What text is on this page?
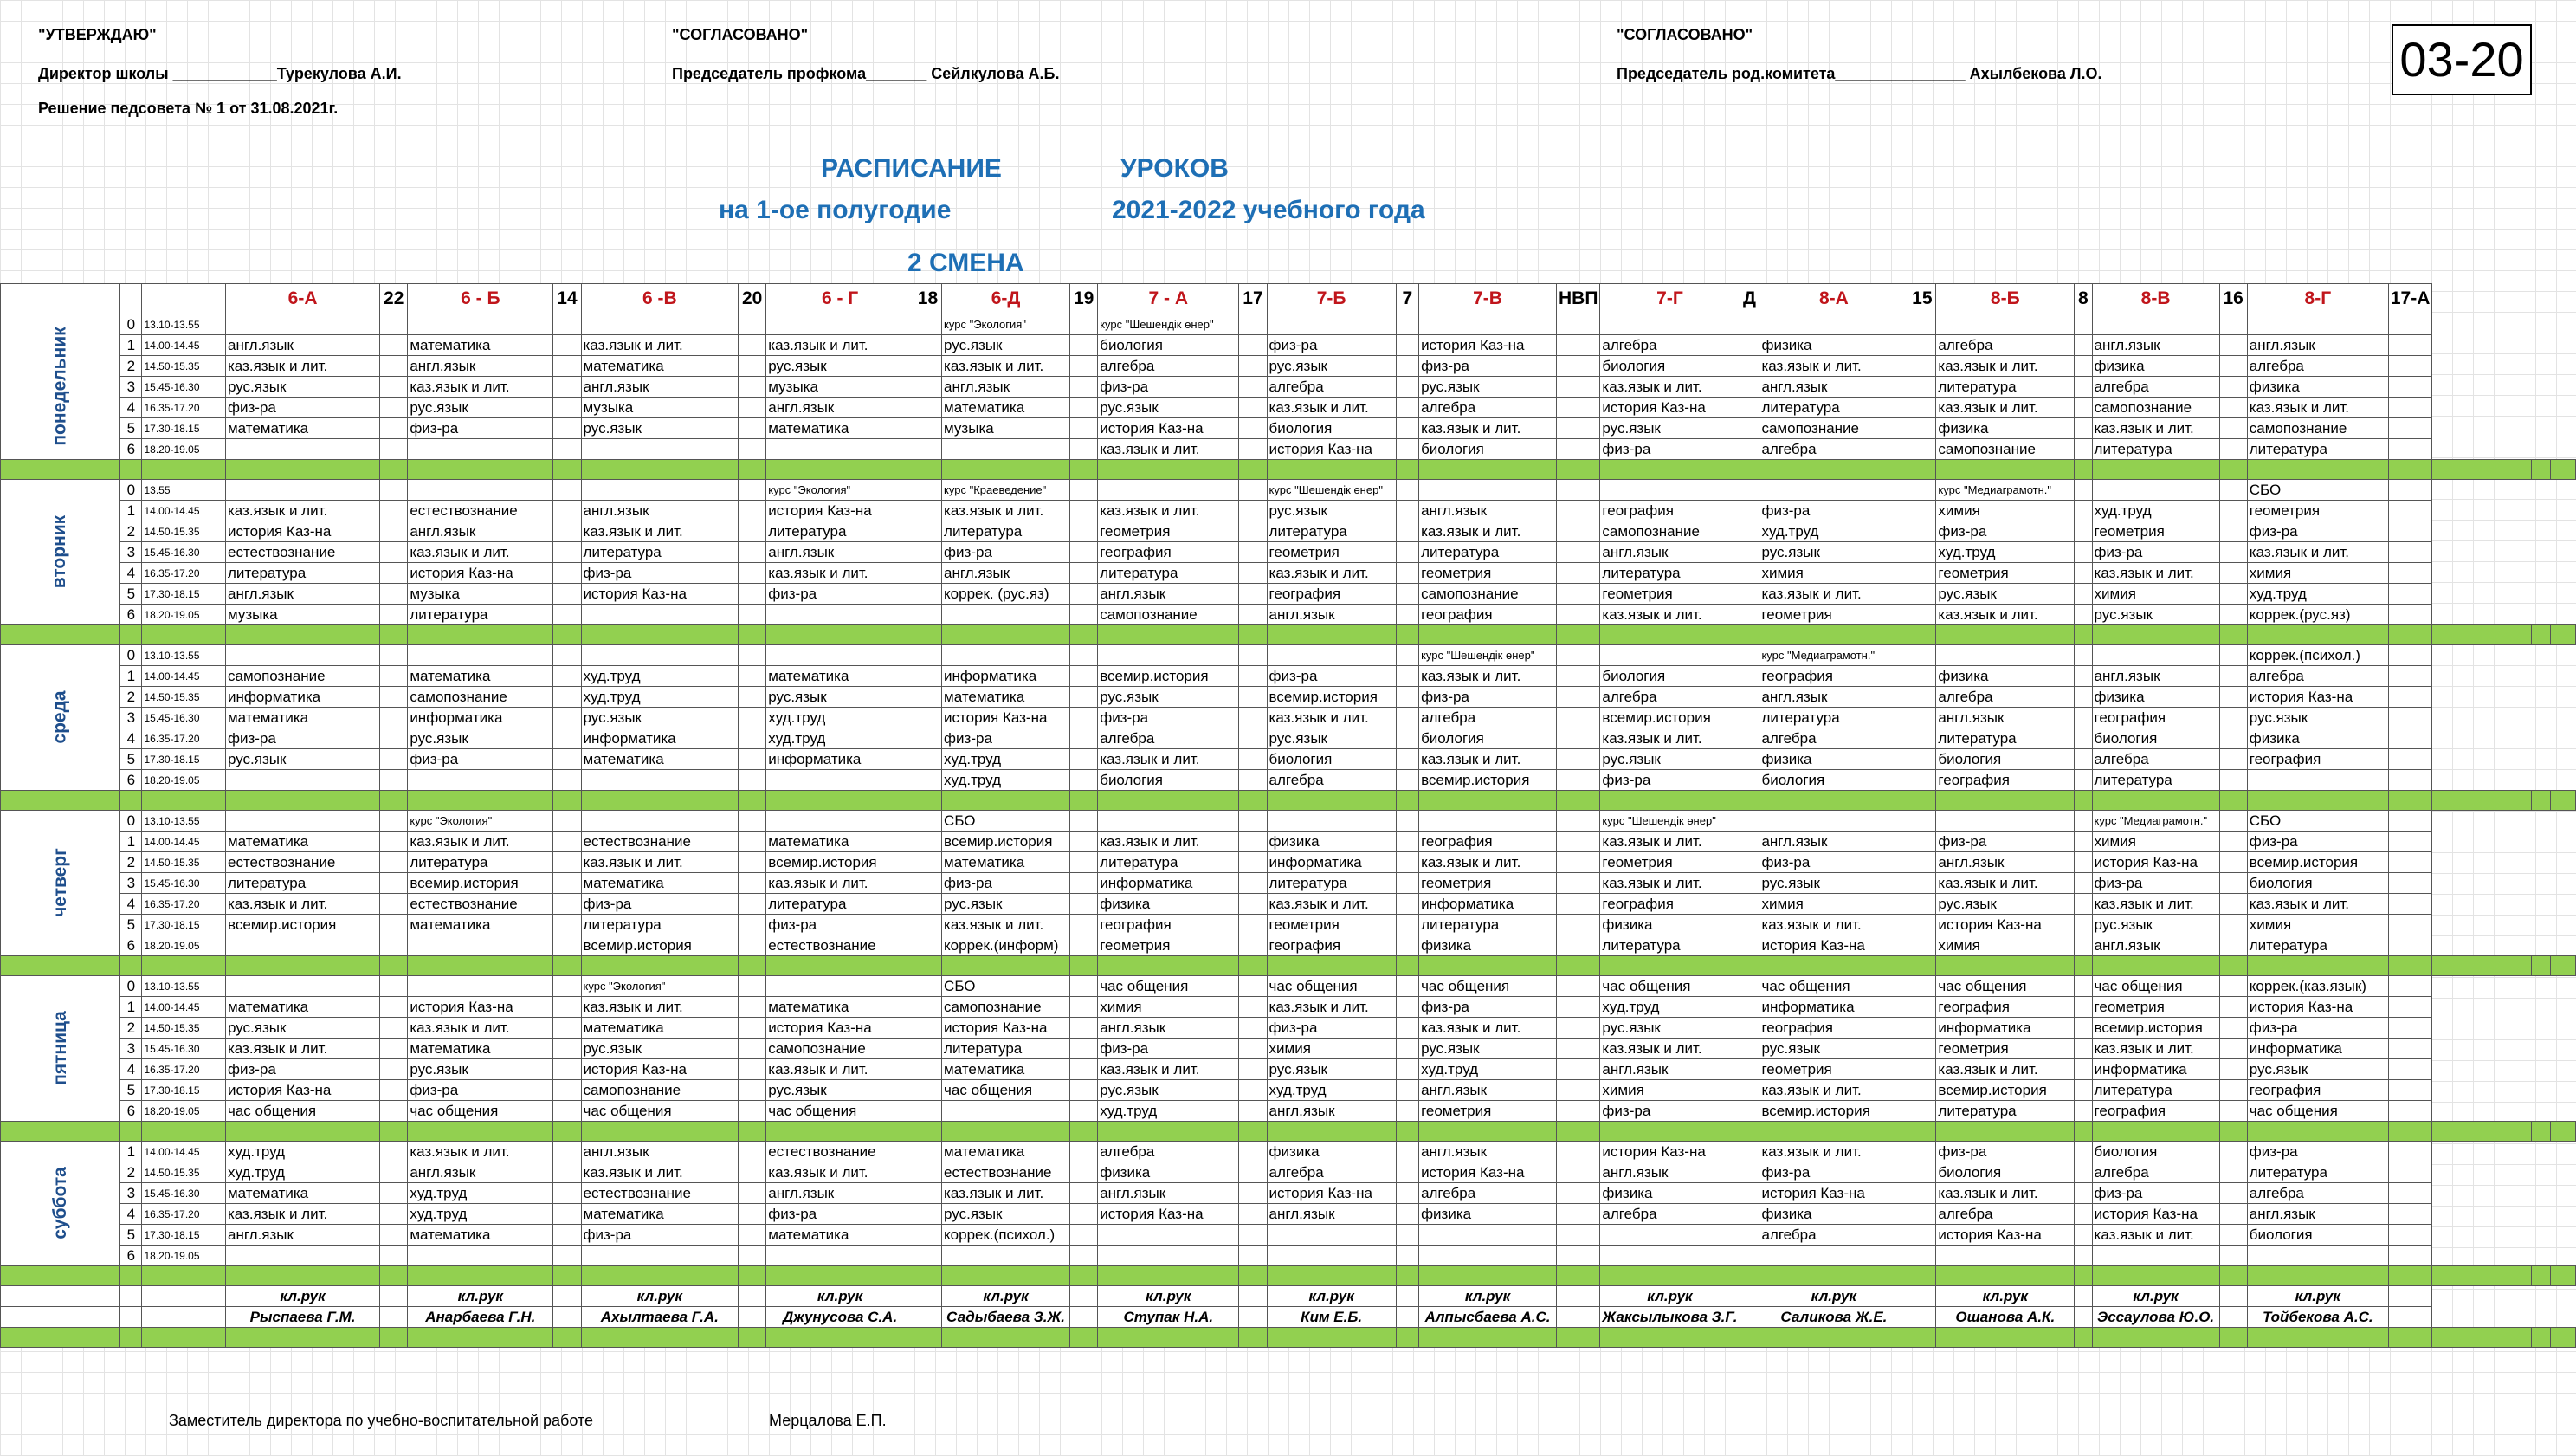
"УТВЕРЖДАЮ"
Директор школы ____________Турекулова А.И.
Решение педсовета № 1 от 31.08.2021г.
"СОГЛАСОВАНО"
Председатель профкома_______ Сейлкулова А.Б.
"СОГЛАСОВАНО"
Председатель род.комитета_______________ Ахылбекова Л.О.	03-20
РАСПИСАНИЕ	УРОКОВ
на 1-ое полугодие	2021-2022 учебного года
2 СМЕНА
			6-А	22	6 - Б	14	6 -В	20	6 - Г	18	6-Д	19	7 - А	17	7-Б	7	7-В	НВП	7-Г	Д	8-А	15	8-Б	8	8-В	16	8-Г	17-А			
понедельник	0	13.10-13.55									курс "Экология"		курс "Шешендік өнер"																		
	1	14.00-14.45	англ.язык		математика		каз.язык и лит.		каз.язык и лит.		рус.язык		биология		физ-ра		история Каз-на		алгебра		физика		алгебра		англ.язык		англ.язык				
	2	14.50-15.35	каз.язык и лит.		англ.язык		математика		рус.язык		каз.язык и лит.		алгебра		рус.язык		физ-ра		биология		каз.язык и лит.		каз.язык и лит.		физика		алгебра				
	3	15.45-16.30	рус.язык		каз.язык и лит.		англ.язык		музыка		англ.язык		физ-ра		алгебра		рус.язык		каз.язык и лит.		англ.язык		литература		алгебра		физика				
	4	16.35-17.20	физ-ра		рус.язык		музыка		англ.язык		математика		рус.язык		каз.язык и лит.		алгебра		история Каз-на		литература		каз.язык и лит.		самопознание		каз.язык и лит.				
	5	17.30-18.15	математика		физ-ра		рус.язык		математика		музыка		история Каз-на		биология		каз.язык и лит.		рус.язык		самопознание		физика		каз.язык и лит.		самопознание				
	6	18.20-19.05											каз.язык и лит.		история Каз-на		биология		физ-ра		алгебра		самопознание		литература		литература				

вторник	0	13.55							курс "Экология"		курс "Краеведение"				курс "Шешендік өнер"								курс "Медиаграмотн."				СБО				
	1	14.00-14.45	каз.язык и лит.		естествознание		англ.язык		история Каз-на		каз.язык и лит.		каз.язык и лит.		рус.язык		англ.язык		география		физ-ра		химия		худ.труд		геометрия				
	2	14.50-15.35	история Каз-на		англ.язык		каз.язык и лит.		литература		литература		геометрия		литература		каз.язык и лит.		самопознание		худ.труд		физ-ра		геометрия		физ-ра				
	3	15.45-16.30	естествознание		каз.язык и лит.		литература		англ.язык		физ-ра		география		геометрия		литература		англ.язык		рус.язык		худ.труд		физ-ра		каз.язык и лит.				
	4	16.35-17.20	литература		история Каз-на		физ-ра		каз.язык и лит.		англ.язык		литература		каз.язык и лит.		геометрия		литература		химия		геометрия		каз.язык и лит.		химия				
	5	17.30-18.15	англ.язык		музыка		история Каз-на		физ-ра		коррек. (рус.яз)		англ.язык		география		самопознание		геометрия		каз.язык и лит.		рус.язык		химия		худ.труд				
	6	18.20-19.05	музыка		литература								самопознание		англ.язык		география		каз.язык и лит.		геометрия		каз.язык и лит.		рус.язык		коррек.(рус.яз)				

среда	0	13.10-13.55															курс "Шешендік өнер"				курс "Медиаграмотн."						коррек.(психол.)				
	1	14.00-14.45	самопознание		математика		худ.труд		математика		информатика		всемир.история		физ-ра		каз.язык и лит.		биология		география		физика		англ.язык		алгебра				
	2	14.50-15.35	информатика		самопознание		худ.труд		рус.язык		математика		рус.язык		всемир.история		физ-ра		алгебра		англ.язык		алгебра		физика		история Каз-на				
	3	15.45-16.30	математика		информатика		рус.язык		худ.труд		история Каз-на		физ-ра		каз.язык и лит.		алгебра		всемир.история		литература		англ.язык		география		рус.язык				
	4	16.35-17.20	физ-ра		рус.язык		информатика		худ.труд		физ-ра		алгебра		рус.язык		биология		каз.язык и лит.		алгебра		литература		биология		физика				
	5	17.30-18.15	рус.язык		физ-ра		математика		информатика		худ.труд		каз.язык и лит.		биология		каз.язык и лит.		рус.язык		физика		биология		алгебра		география				
	6	18.20-19.05									худ.труд		биология		алгебра		всемир.история		физ-ра		биология		география		литература						

четверг	0	13.10-13.55			курс "Экология"						СБО								курс "Шешендік өнер"						курс "Медиаграмотн."		СБО				
	1	14.00-14.45	математика		каз.язык и лит.		естествознание		математика		всемир.история		каз.язык и лит.		физика		география		каз.язык и лит.		англ.язык		физ-ра		химия		физ-ра				
	2	14.50-15.35	естествознание		литература		каз.язык и лит.		всемир.история		математика		литература		информатика		каз.язык и лит.		геометрия		физ-ра		англ.язык		история Каз-на		всемир.история				
	3	15.45-16.30	литература		всемир.история		математика		каз.язык и лит.		физ-ра		информатика		литература		геометрия		каз.язык и лит.		рус.язык		каз.язык и лит.		физ-ра		биология				
	4	16.35-17.20	каз.язык и лит.		естествознание		физ-ра		литература		рус.язык		физика		каз.язык и лит.		информатика		география		химия		рус.язык		каз.язык и лит.		каз.язык и лит.				
	5	17.30-18.15	всемир.история		математика		литература		физ-ра		каз.язык и лит.		география		геометрия		литература		физика		каз.язык и лит.		история Каз-на		рус.язык		химия				
	6	18.20-19.05					всемир.история		естествознание		коррек.(информ)		геометрия		география		физика		литература		история Каз-на		химия		англ.язык		литература				

пятница	0	13.10-13.55					курс "Экология"				СБО		час общения		час общения		час общения		час общения		час общения		час общения		час общения		коррек.(каз.язык)				
	1	14.00-14.45	математика		история Каз-на		каз.язык и лит.		математика		самопознание		химия		каз.язык и лит.		физ-ра		худ.труд		информатика		география		геометрия		история Каз-на				
	2	14.50-15.35	рус.язык		каз.язык и лит.		математика		история Каз-на		история Каз-на		англ.язык		физ-ра		каз.язык и лит.		рус.язык		география		информатика		всемир.история		физ-ра				
	3	15.45-16.30	каз.язык и лит.		математика		рус.язык		самопознание		литература		физ-ра		химия		рус.язык		каз.язык и лит.		рус.язык		геометрия		каз.язык и лит.		информатика				
	4	16.35-17.20	физ-ра		рус.язык		история Каз-на		каз.язык и лит.		математика		каз.язык и лит.		рус.язык		худ.труд		англ.язык		геометрия		каз.язык и лит.		информатика		рус.язык				
	5	17.30-18.15	история Каз-на		физ-ра		самопознание		рус.язык		час общения		рус.язык		худ.труд		англ.язык		химия		каз.язык и лит.		всемир.история		литература		география				
	6	18.20-19.05	час общения		час общения		час общения		час общения				худ.труд		англ.язык		геометрия		физ-ра		всемир.история		литература		география		час общения				

суббота	1	14.00-14.45	худ.труд		каз.язык и лит.		англ.язык		естествознание		математика		алгебра		физика		англ.язык		история Каз-на		каз.язык и лит.		физ-ра		биология		физ-ра				
	2	14.50-15.35	худ.труд		англ.язык		каз.язык и лит.		каз.язык и лит.		естествознание		физика		алгебра		история Каз-на		англ.язык		физ-ра		биология		алгебра		литература				
	3	15.45-16.30	математика		худ.труд		естествознание		англ.язык		каз.язык и лит.		англ.язык		история Каз-на		алгебра		физика		история Каз-на		каз.язык и лит.		физ-ра		алгебра				
	4	16.35-17.20	каз.язык и лит.		худ.труд		математика		физ-ра		рус.язык		история Каз-на		англ.язык		физика		алгебра		физика		алгебра		история Каз-на		англ.язык				
	5	17.30-18.15	англ.язык		математика		физ-ра		математика		коррек.(психол.)										алгебра		история Каз-на		каз.язык и лит.		биология				
	6	18.20-19.05																													

			кл.рук		кл.рук		кл.рук		кл.рук		кл.рук		кл.рук		кл.рук		кл.рук		кл.рук		кл.рук		кл.рук		кл.рук		кл.рук				
			Рыспаева Г.М.		Анарбаева Г.Н.		Ахылтаева Г.А.		Джунусова С.А.		Садыбаева З.Ж.		Ступак Н.А.		Ким Е.Б.		Алпысбаева А.С.		Жаксылыкова З.Г.		Саликова Ж.Е.		Ошанова А.К.		Эссаулова Ю.О.		Тойбекова А.С.				

Заместитель директора по учебно-воспитательной работе	Мерцалова Е.П.
